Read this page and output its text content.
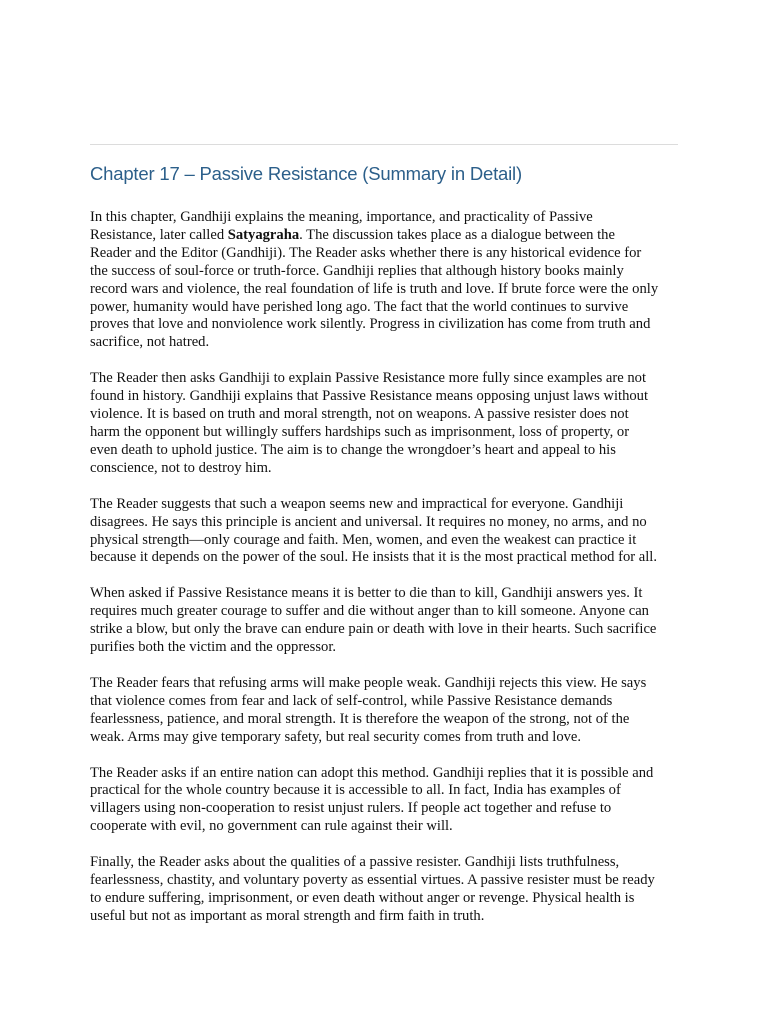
Chapter 17 – Passive Resistance (Summary in Detail)

In this chapter, Gandhiji explains the meaning, importance, and practicality of Passive
Resistance, later called Satyagraha. The discussion takes place as a dialogue between the
Reader and the Editor (Gandhiji). The Reader asks whether there is any historical evidence for
the success of soul-force or truth-force. Gandhiji replies that although history books mainly
record wars and violence, the real foundation of life is truth and love. If brute force were the only
power, humanity would have perished long ago. The fact that the world continues to survive
proves that love and nonviolence work silently. Progress in civilization has come from truth and
sacrifice, not hatred.

The Reader then asks Gandhiji to explain Passive Resistance more fully since examples are not
found in history. Gandhiji explains that Passive Resistance means opposing unjust laws without
violence. It is based on truth and moral strength, not on weapons. A passive resister does not
harm the opponent but willingly suffers hardships such as imprisonment, loss of property, or
even death to uphold justice. The aim is to change the wrongdoer’s heart and appeal to his
conscience, not to destroy him.

The Reader suggests that such a weapon seems new and impractical for everyone. Gandhiji
disagrees. He says this principle is ancient and universal. It requires no money, no arms, and no
physical strength—only courage and faith. Men, women, and even the weakest can practice it
because it depends on the power of the soul. He insists that it is the most practical method for all.

When asked if Passive Resistance means it is better to die than to kill, Gandhiji answers yes. It
requires much greater courage to suffer and die without anger than to kill someone. Anyone can
strike a blow, but only the brave can endure pain or death with love in their hearts. Such sacrifice
purifies both the victim and the oppressor.

The Reader fears that refusing arms will make people weak. Gandhiji rejects this view. He says
that violence comes from fear and lack of self-control, while Passive Resistance demands
fearlessness, patience, and moral strength. It is therefore the weapon of the strong, not of the
weak. Arms may give temporary safety, but real security comes from truth and love.

The Reader asks if an entire nation can adopt this method. Gandhiji replies that it is possible and
practical for the whole country because it is accessible to all. In fact, India has examples of
villagers using non-cooperation to resist unjust rulers. If people act together and refuse to
cooperate with evil, no government can rule against their will.

Finally, the Reader asks about the qualities of a passive resister. Gandhiji lists truthfulness,
fearlessness, chastity, and voluntary poverty as essential virtues. A passive resister must be ready
to endure suffering, imprisonment, or even death without anger or revenge. Physical health is
useful but not as important as moral strength and firm faith in truth.
